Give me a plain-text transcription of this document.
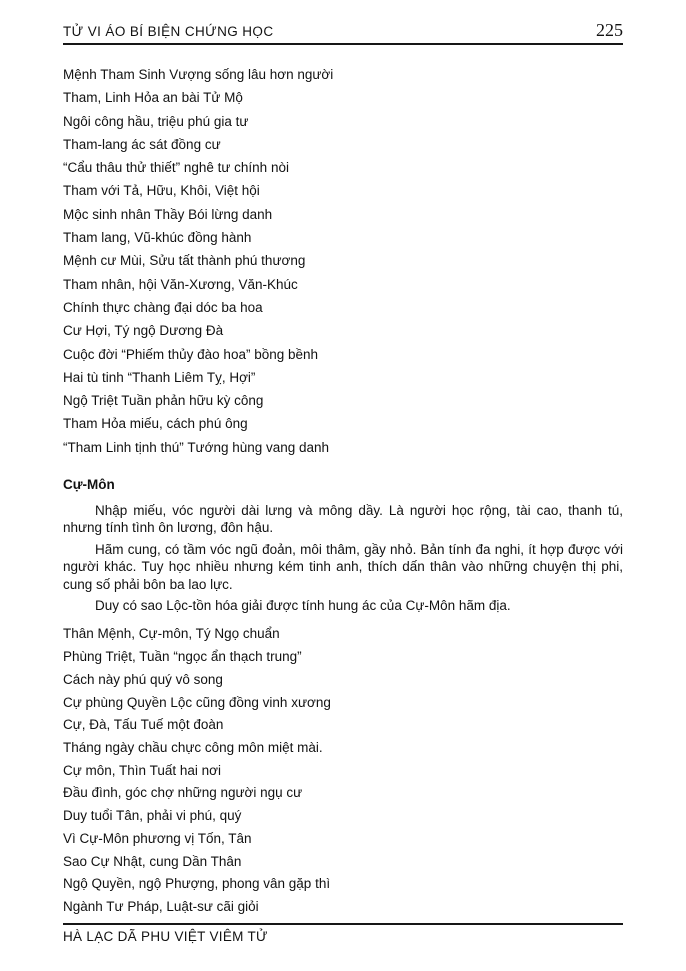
TỬ VI ÁO BÍ BIỆN CHỨNG HỌC	225
Mệnh Tham Sinh Vượng sống lâu hơn người
Tham, Linh Hỏa an bài Tử Mộ
Ngôi công hầu, triệu phú gia tư
Tham-lang ác sát đồng cư
“Cẩu thâu thử thiết” nghê tư chính nòi
Tham với Tả, Hữu, Khôi, Việt hội
Mộc sinh nhân Thầy Bói lừng danh
Tham lang, Vũ-khúc đồng hành
Mệnh cư Mùi, Sửu tất thành phú thương
Tham nhân, hội Văn-Xương, Văn-Khúc
Chính thực chàng đại dóc ba hoa
Cư Hợi, Tý ngộ Dương Đà
Cuộc đời “Phiếm thủy đào hoa” bồng bềnh
Hai tù tinh “Thanh Liêm Tỵ, Hợi”
Ngộ Triệt Tuần phản hữu kỳ công
Tham Hỏa miếu, cách phú ông
“Tham Linh tịnh thú” Tướng hùng vang danh
Cự-Môn

Nhập miếu, vóc người dài lưng và mông dầy. Là người học rộng, tài cao, thanh tú, nhưng tính tình ôn lương, đôn hậu.

Hãm cung, có tầm vóc ngũ đoản, môi thâm, gầy nhỏ. Bản tính đa nghi, ít hợp được với người khác. Tuy học nhiều nhưng kém tinh anh, thích dấn thân vào những chuyện thị phi, cung số phải bôn ba lao lực.

Duy có sao Lộc-tồn hóa giải được tính hung ác của Cự-Môn hãm địa.

Thân Mệnh, Cự-môn, Tý Ngọ chuẩn
Phùng Triệt, Tuần “ngọc ẩn thạch trung”
Cách này phú quý vô song
Cự phùng Quyền Lộc cũng đồng vinh xương
Cự, Đà, Tấu Tuế một đoàn
Tháng ngày chầu chực công môn miệt mài.
Cự môn, Thìn Tuất hai nơi
Đầu đình, góc chợ những người ngụ cư
Duy tuổi Tân, phải vi phú, quý
Vì Cự-Môn phương vị Tốn, Tân
Sao Cự Nhật, cung Dần Thân
Ngộ Quyền, ngộ Phượng, phong vân gặp thì
Ngành Tư Pháp, Luật-sư cãi giỏi
HÀ LẠC DÃ PHU VIỆT VIÊM TỬ
